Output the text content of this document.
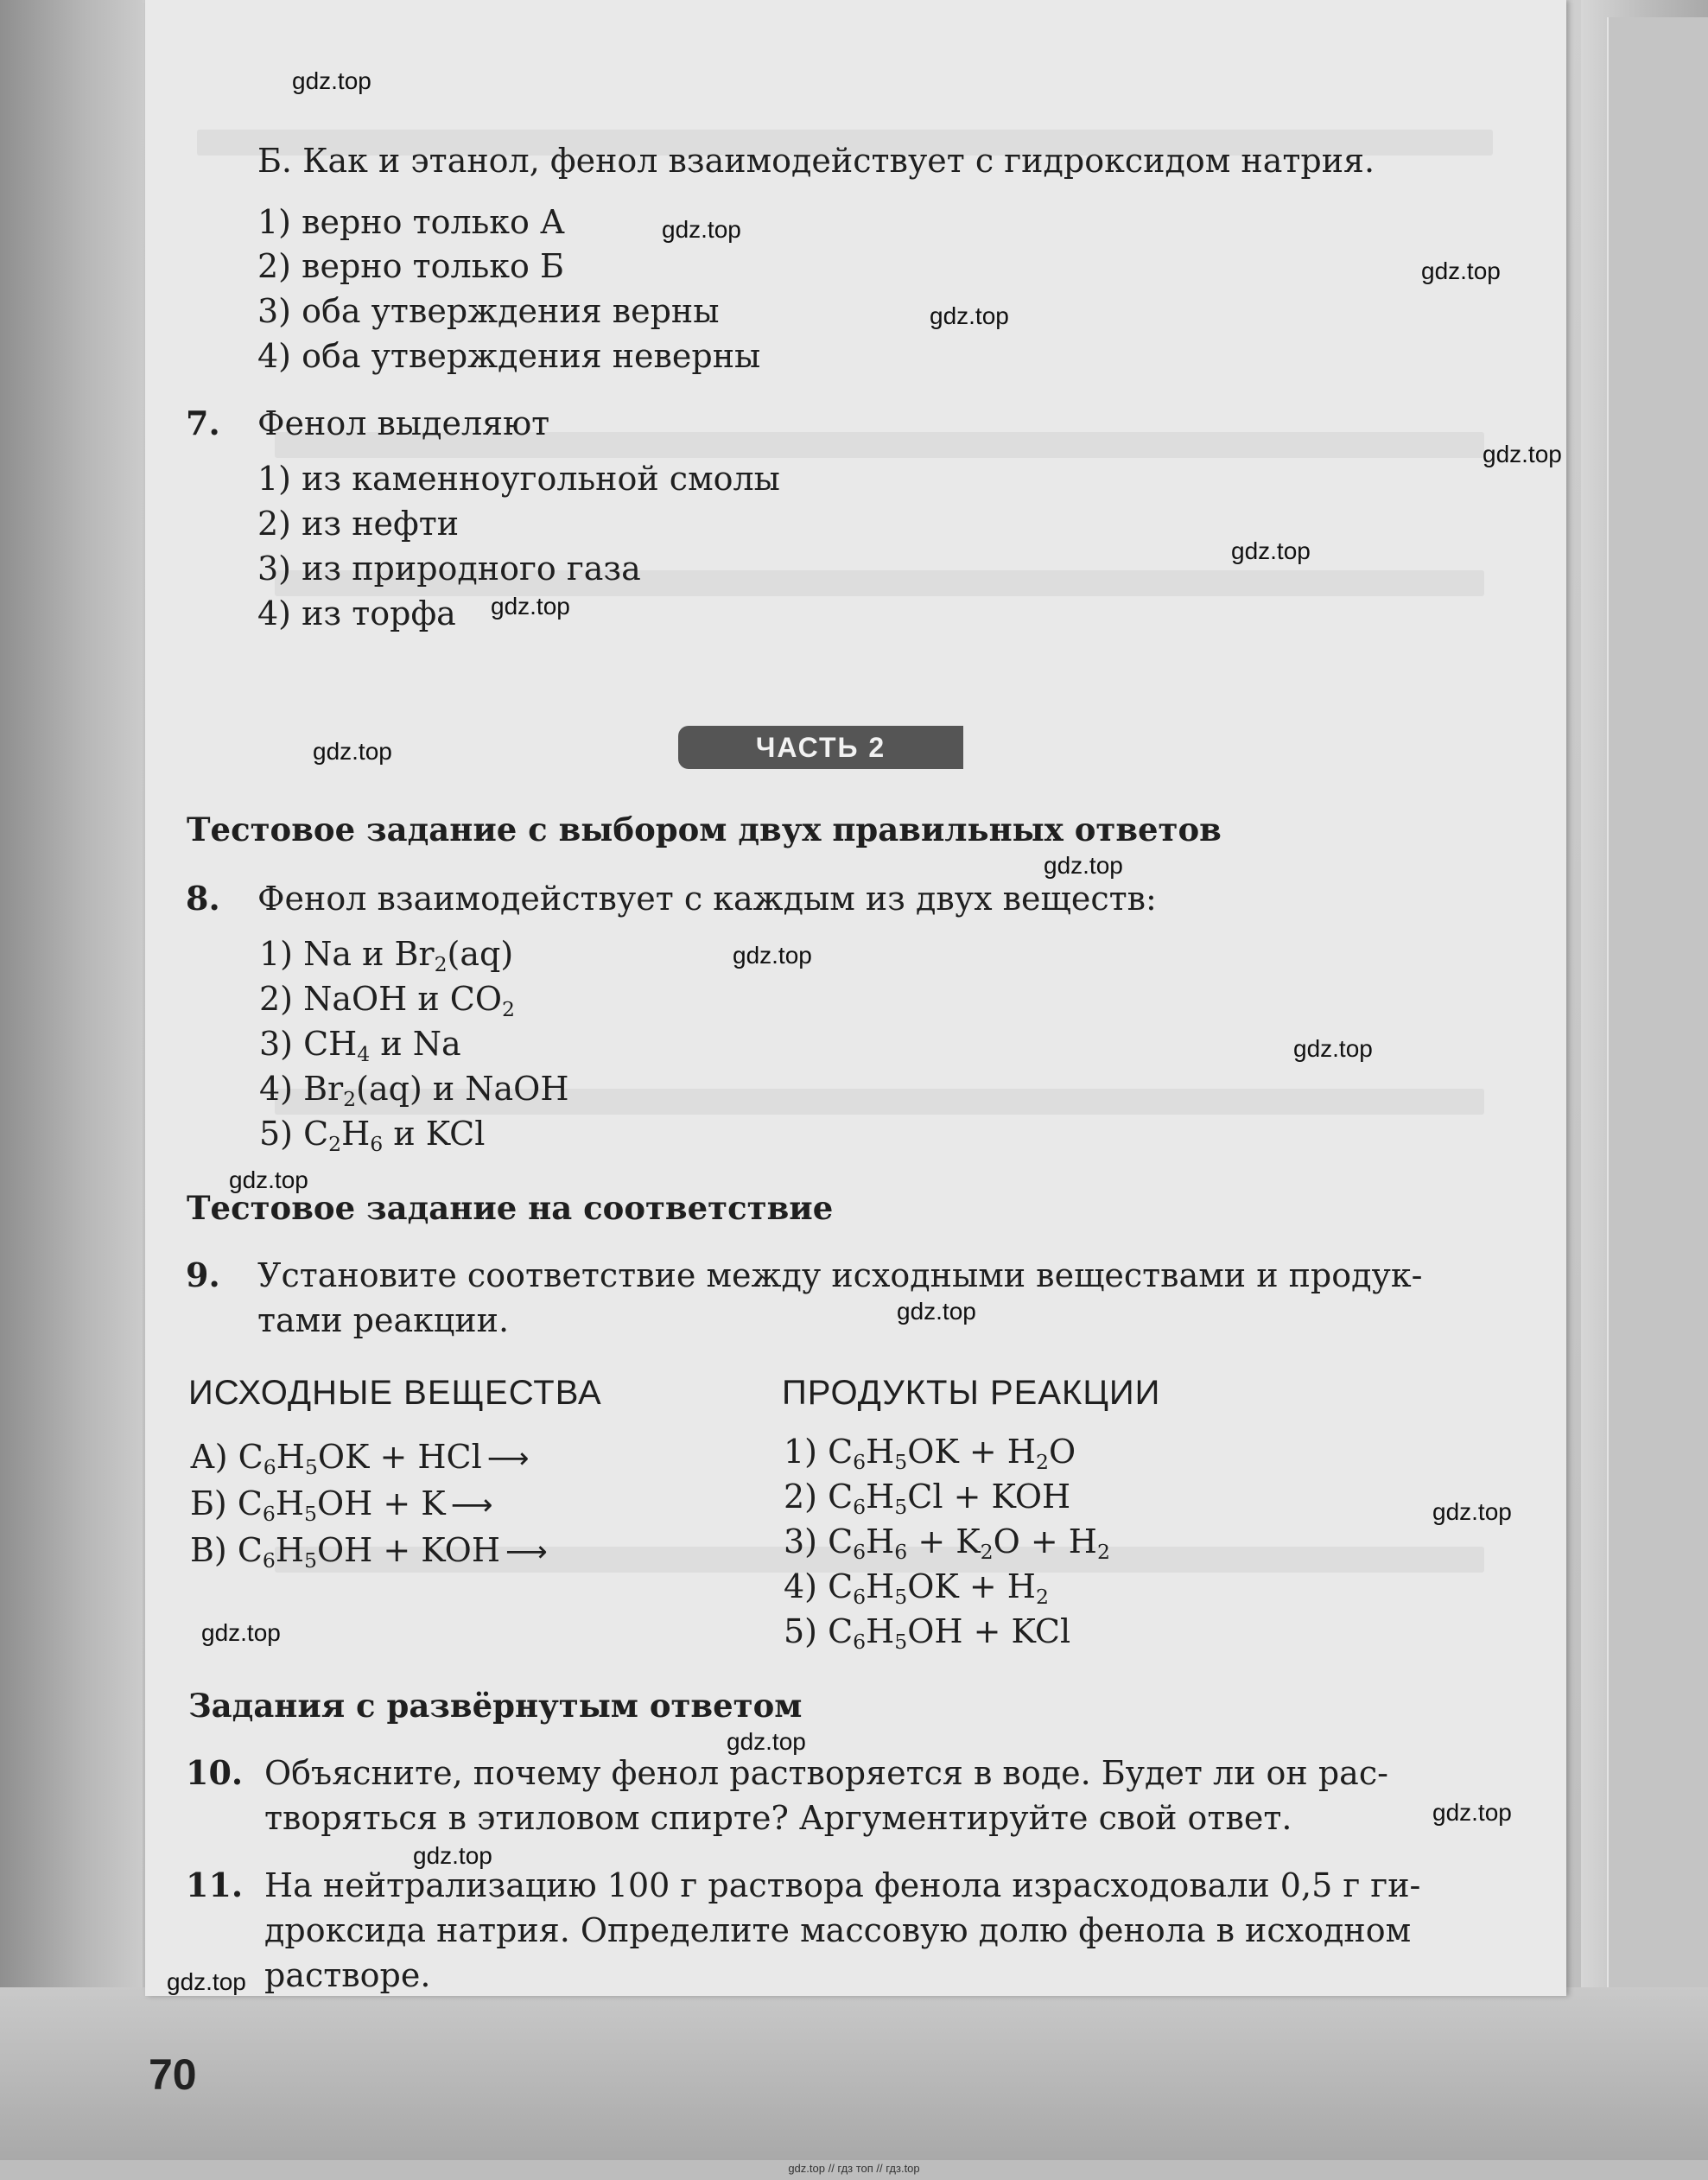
Б. Как и этанол, фенол взаимодействует с гидроксидом натрия.
1) верно только А
2) верно только Б
3) оба утверждения верны
4) оба утверждения неверны
7. Фенол выделяют
1) из каменноугольной смолы
2) из нефти
3) из природного газа
4) из торфа
ЧАСТЬ 2
Тестовое задание с выбором двух правильных ответов
8. Фенол взаимодействует с каждым из двух веществ:
1) Na и $Br_2(aq)$
2) NaOH и $CO_2$
3) $CH_4$ и Na
4) $Br_2(aq)$ и NaOH
5) $C_2H_6$ и KCl
Тестовое задание на соответствие
9. Установите соответствие между исходными веществами и продук-
тами реакции.
ИСХОДНЫЕ ВЕЩЕСТВА	ПРОДУКТЫ РЕАКЦИИ
А) $C_6H_5OK$ + HCl ⟶
Б) $C_6H_5OH + K$ ⟶
В) $C_6H_5OH$ + KOH ⟶
1) $C_6H_5OK + H_2O$
2) $C_6H_5Cl$ + KOH
3) $C_6H_6 + K_2O + H_2$
4) $C_6H_5OK + H_2$
5) $C_6H_5OH$ + KCl
Задания с развёрнутым ответом
10. Объясните, почему фенол растворяется в воде. Будет ли он рас-
творяться в этиловом спирте? Аргументируйте свой ответ.
11. На нейтрализацию 100 г раствора фенола израсходовали 0,5 г ги-
дроксида натрия. Определите массовую долю фенола в исходном
растворе.
70
gdz.top
gdz.top
gdz.top
gdz.top
gdz.top
gdz.top
gdz.top
gdz.top
gdz.top
gdz.top
gdz.top
gdz.top
gdz.top
gdz.top
gdz.top
gdz.top
gdz.top
gdz.top
gdz.top
gdz.top // гдз топ // гдз.top
